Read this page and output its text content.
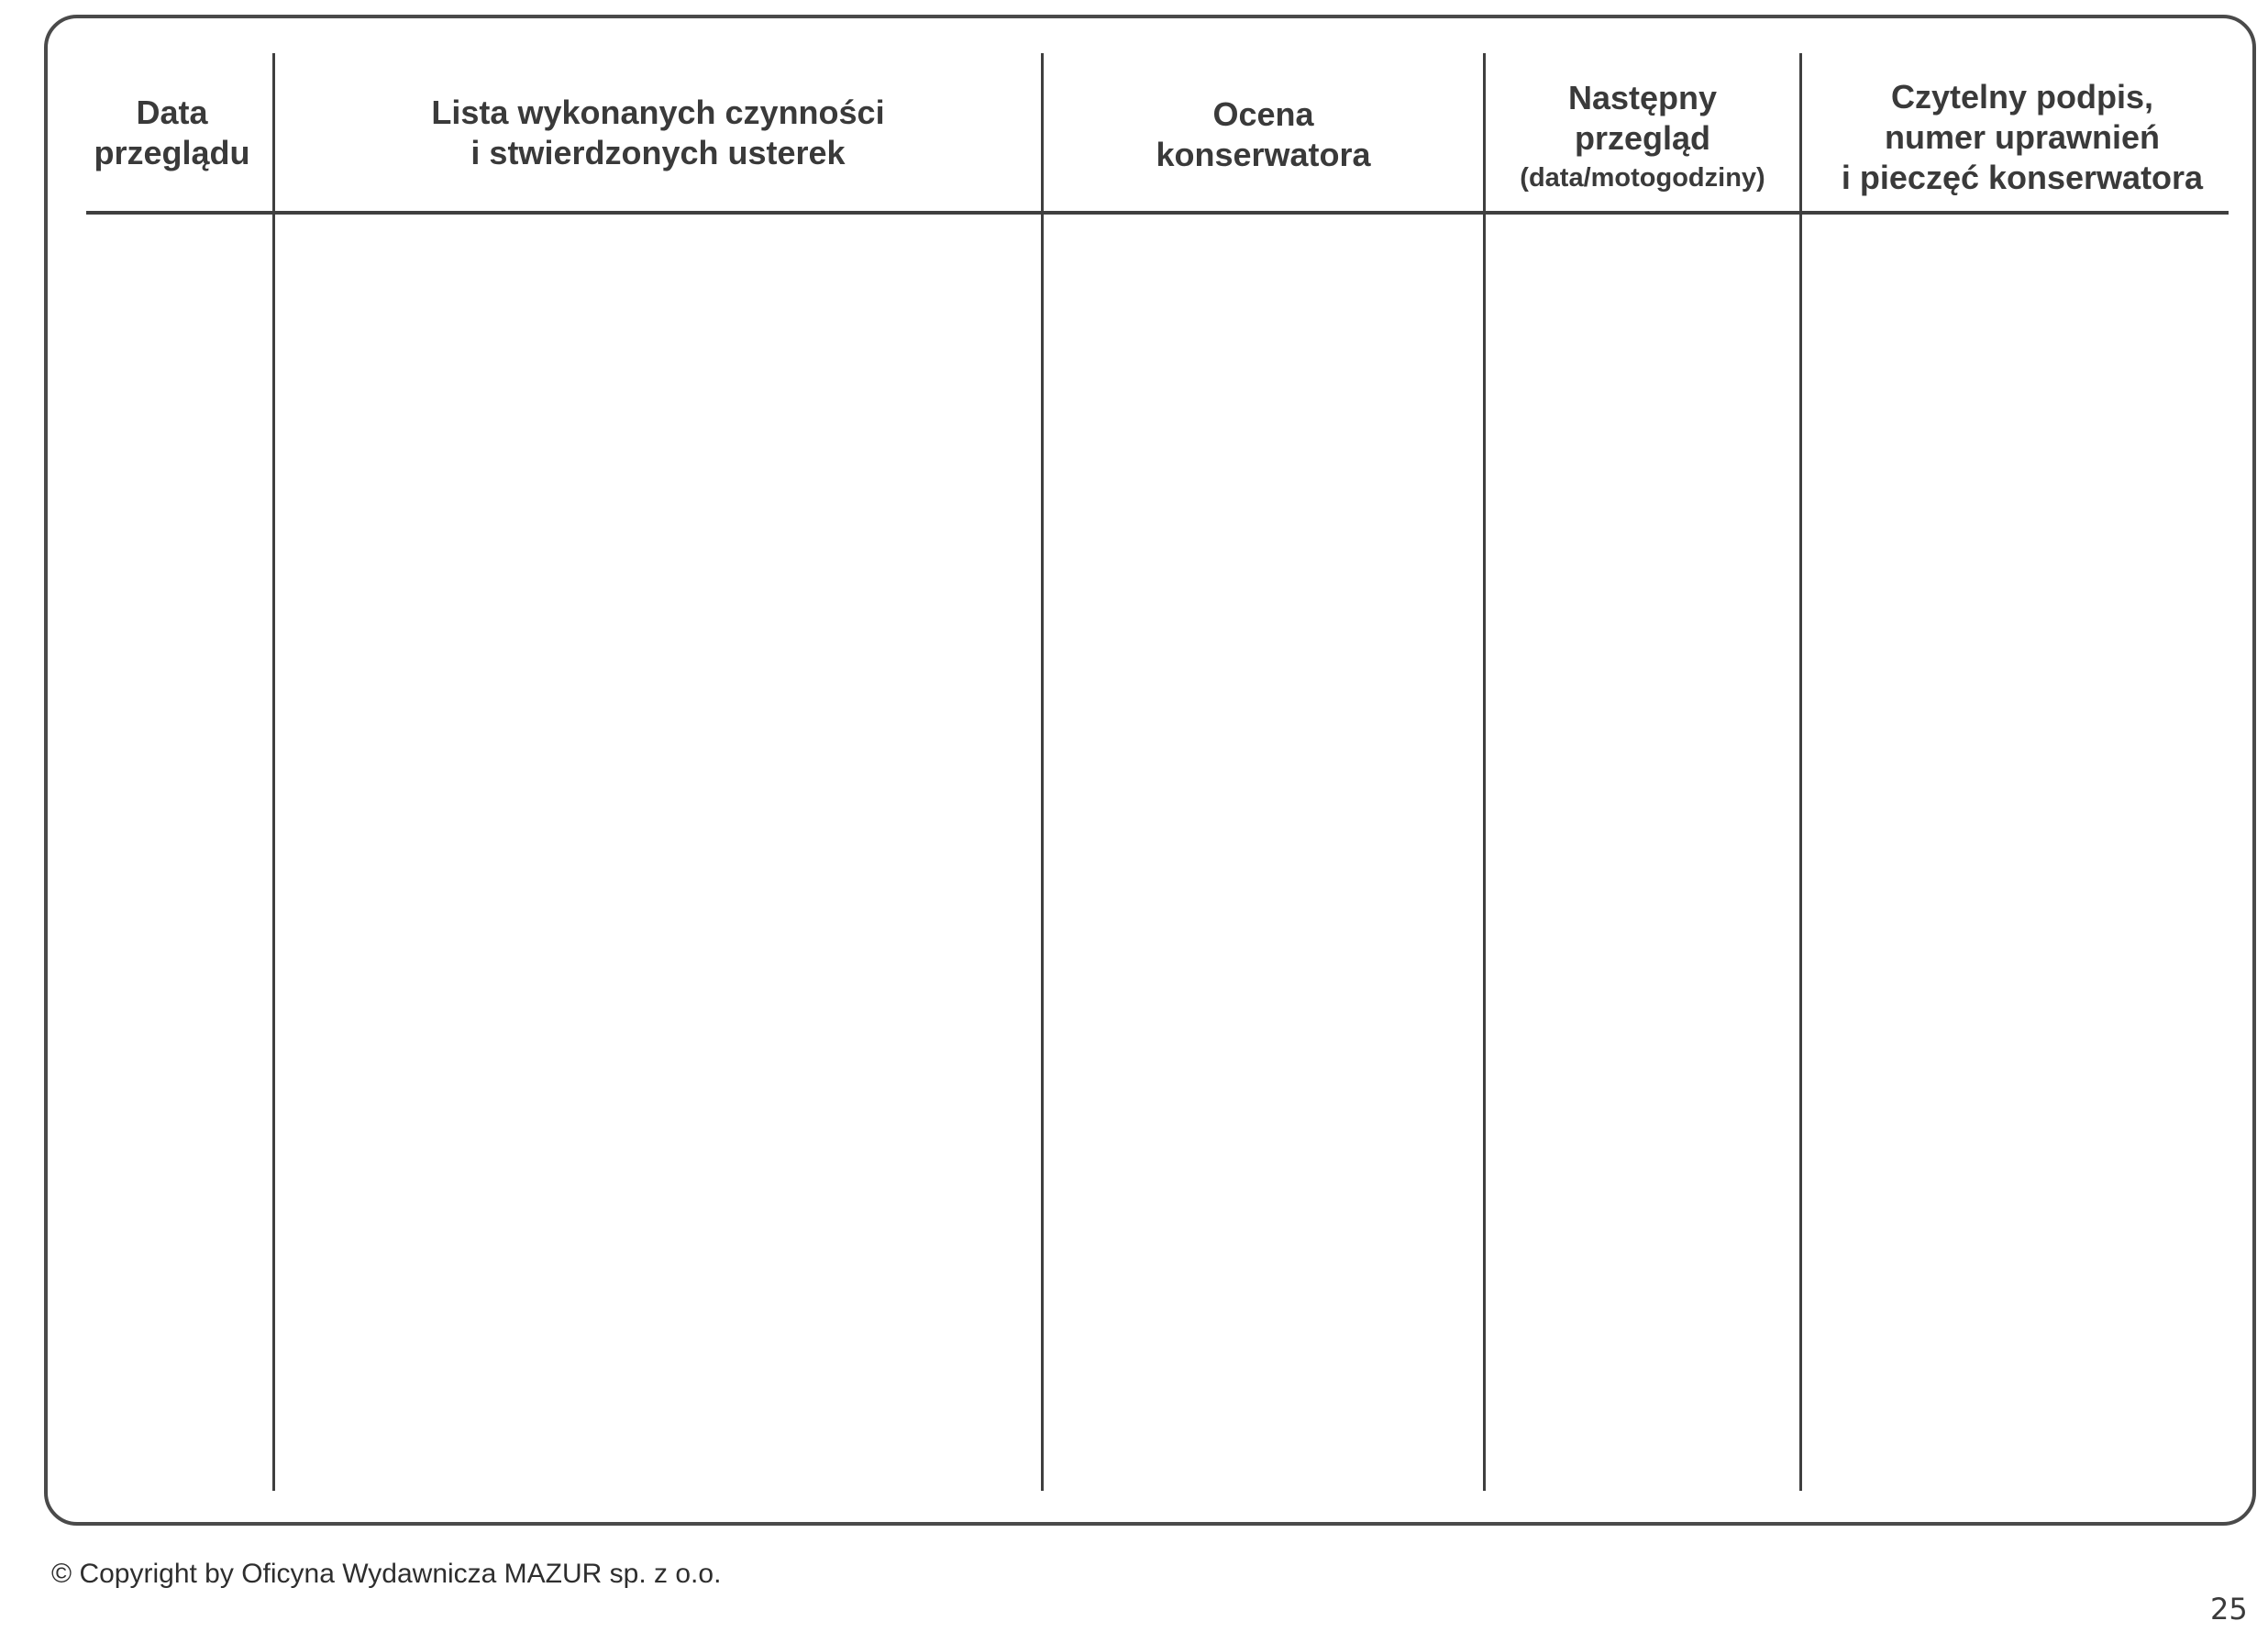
Data
przeglądu
Lista wykonanych czynności
i stwierdzonych usterek
Ocena
konserwatora
Następny
przegląd
(data/motogodziny)
Czytelny podpis,
numer uprawnień
i pieczęć konserwatora
© Copyright by Oficyna Wydawnicza MAZUR sp. z o.o.
25
